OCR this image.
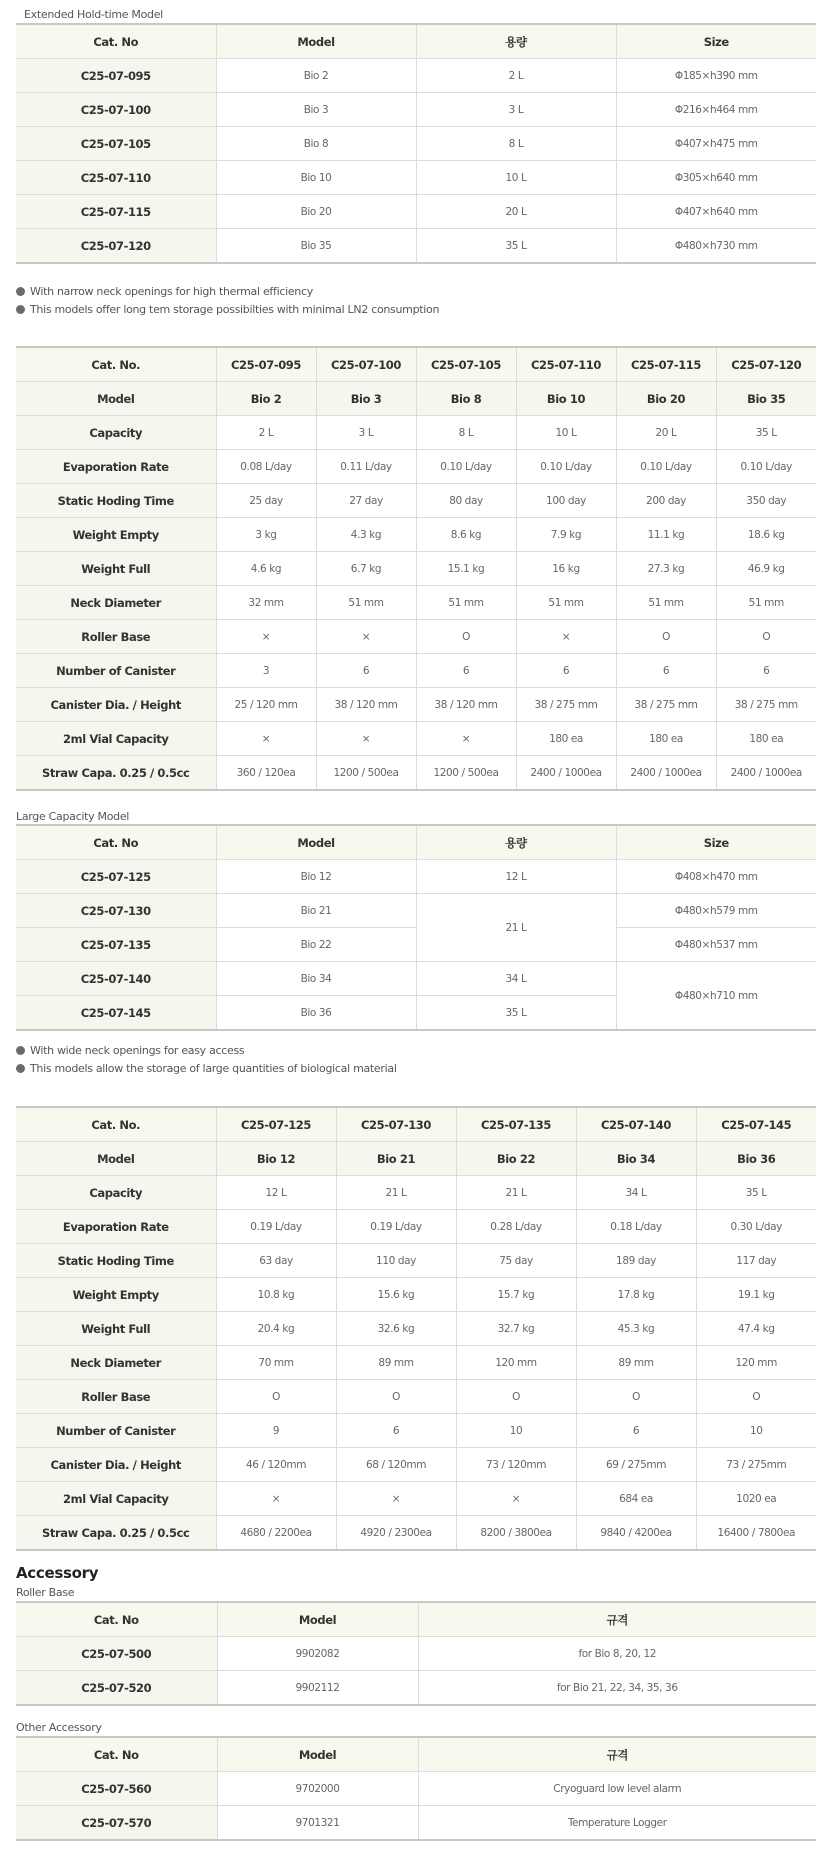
Extended Hold-time Model
Cat. No	Model	용량	Size
C25-07-095	Bio 2	2 L	Φ185×h390 mm
C25-07-100	Bio 3	3 L	Φ216×h464 mm
C25-07-105	Bio 8	8 L	Φ407×h475 mm
C25-07-110	Bio 10	10 L	Φ305×h640 mm
C25-07-115	Bio 20	20 L	Φ407×h640 mm
C25-07-120	Bio 35	35 L	Φ480×h730 mm
With narrow neck openings for high thermal efficiency
This models offer long tem storage possibilties with minimal LN2 consumption
Cat. No.	C25-07-095	C25-07-100	C25-07-105	C25-07-110	C25-07-115	C25-07-120
Model	Bio 2	Bio 3	Bio 8	Bio 10	Bio 20	Bio 35
Capacity	2 L	3 L	8 L	10 L	20 L	35 L
Evaporation Rate	0.08 L/day	0.11 L/day	0.10 L/day	0.10 L/day	0.10 L/day	0.10 L/day
Static Hoding Time	25 day	27 day	80 day	100 day	200 day	350 day
Weight Empty	3 kg	4.3 kg	8.6 kg	7.9 kg	11.1 kg	18.6 kg
Weight Full	4.6 kg	6.7 kg	15.1 kg	16 kg	27.3 kg	46.9 kg
Neck Diameter	32 mm	51 mm	51 mm	51 mm	51 mm	51 mm
Roller Base	×	×	O	×	O	O
Number of Canister	3	6	6	6	6	6
Canister Dia. / Height	25 / 120 mm	38 / 120 mm	38 / 120 mm	38 / 275 mm	38 / 275 mm	38 / 275 mm
2ml Vial Capacity	×	×	×	180 ea	180 ea	180 ea
Straw Capa. 0.25 / 0.5cc	360 / 120ea	1200 / 500ea	1200 / 500ea	2400 / 1000ea	2400 / 1000ea	2400 / 1000ea
Large Capacity Model
Cat. No	Model	용량	Size
C25-07-125	Bio 12	12 L	Φ408×h470 mm
C25-07-130	Bio 21	21 L	Φ480×h579 mm
C25-07-135	Bio 22		Φ480×h537 mm
C25-07-140	Bio 34	34 L	Φ480×h710 mm
C25-07-145	Bio 36	35 L	
With wide neck openings for easy access
This models allow the storage of large quantities of biological material
Cat. No.	C25-07-125	C25-07-130	C25-07-135	C25-07-140	C25-07-145
Model	Bio 12	Bio 21	Bio 22	Bio 34	Bio 36
Capacity	12 L	21 L	21 L	34 L	35 L
Evaporation Rate	0.19 L/day	0.19 L/day	0.28 L/day	0.18 L/day	0.30 L/day
Static Hoding Time	63 day	110 day	75 day	189 day	117 day
Weight Empty	10.8 kg	15.6 kg	15.7 kg	17.8 kg	19.1 kg
Weight Full	20.4 kg	32.6 kg	32.7 kg	45.3 kg	47.4 kg
Neck Diameter	70 mm	89 mm	120 mm	89 mm	120 mm
Roller Base	O	O	O	O	O
Number of Canister	9	6	10	6	10
Canister Dia. / Height	46 / 120mm	68 / 120mm	73 / 120mm	69 / 275mm	73 / 275mm
2ml Vial Capacity	×	×	×	684 ea	1020 ea
Straw Capa. 0.25 / 0.5cc	4680 / 2200ea	4920 / 2300ea	8200 / 3800ea	9840 / 4200ea	16400 / 7800ea
Accessory
Roller Base
Cat. No	Model	규격
C25-07-500	9902082	for Bio 8, 20, 12
C25-07-520	9902112	for Bio 21, 22, 34, 35, 36
Other Accessory
Cat. No	Model	규격
C25-07-560	9702000	Cryoguard low level alarm
C25-07-570	9701321	Temperature Logger
